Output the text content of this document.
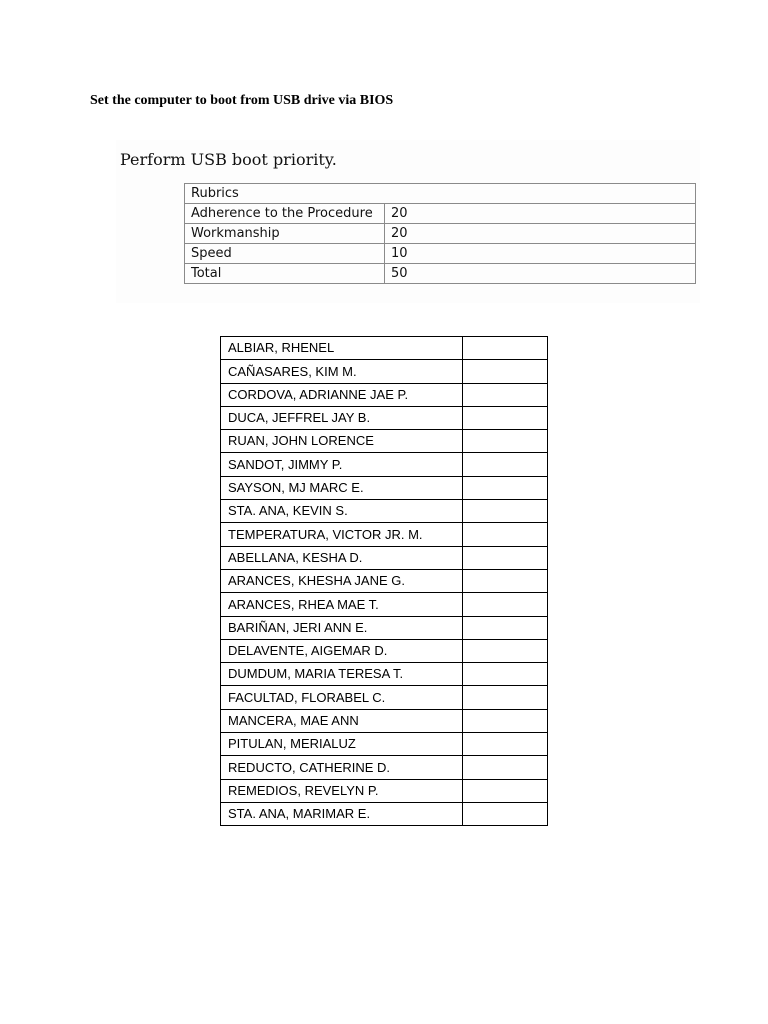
Set the computer to boot from USB drive via BIOS
Perform USB boot priority.
Rubrics	
Adherence to the Procedure	20
Workmanship	20
Speed	10
Total	50
ALBIAR, RHENEL	
CAÑASARES, KIM M.	
CORDOVA, ADRIANNE JAE P.	
DUCA, JEFFREL JAY B.	
RUAN, JOHN LORENCE	
SANDOT, JIMMY P.	
SAYSON, MJ MARC E.	
STA. ANA, KEVIN S.	
TEMPERATURA, VICTOR JR. M.	
ABELLANA, KESHA D.	
ARANCES, KHESHA JANE G.	
ARANCES, RHEA MAE T.	
BARIÑAN, JERI ANN E.	
DELAVENTE, AIGEMAR D.	
DUMDUM, MARIA TERESA T.	
FACULTAD, FLORABEL C.	
MANCERA, MAE ANN	
PITULAN, MERIALUZ	
REDUCTO, CATHERINE D.	
REMEDIOS, REVELYN P.	
STA. ANA, MARIMAR E.	
